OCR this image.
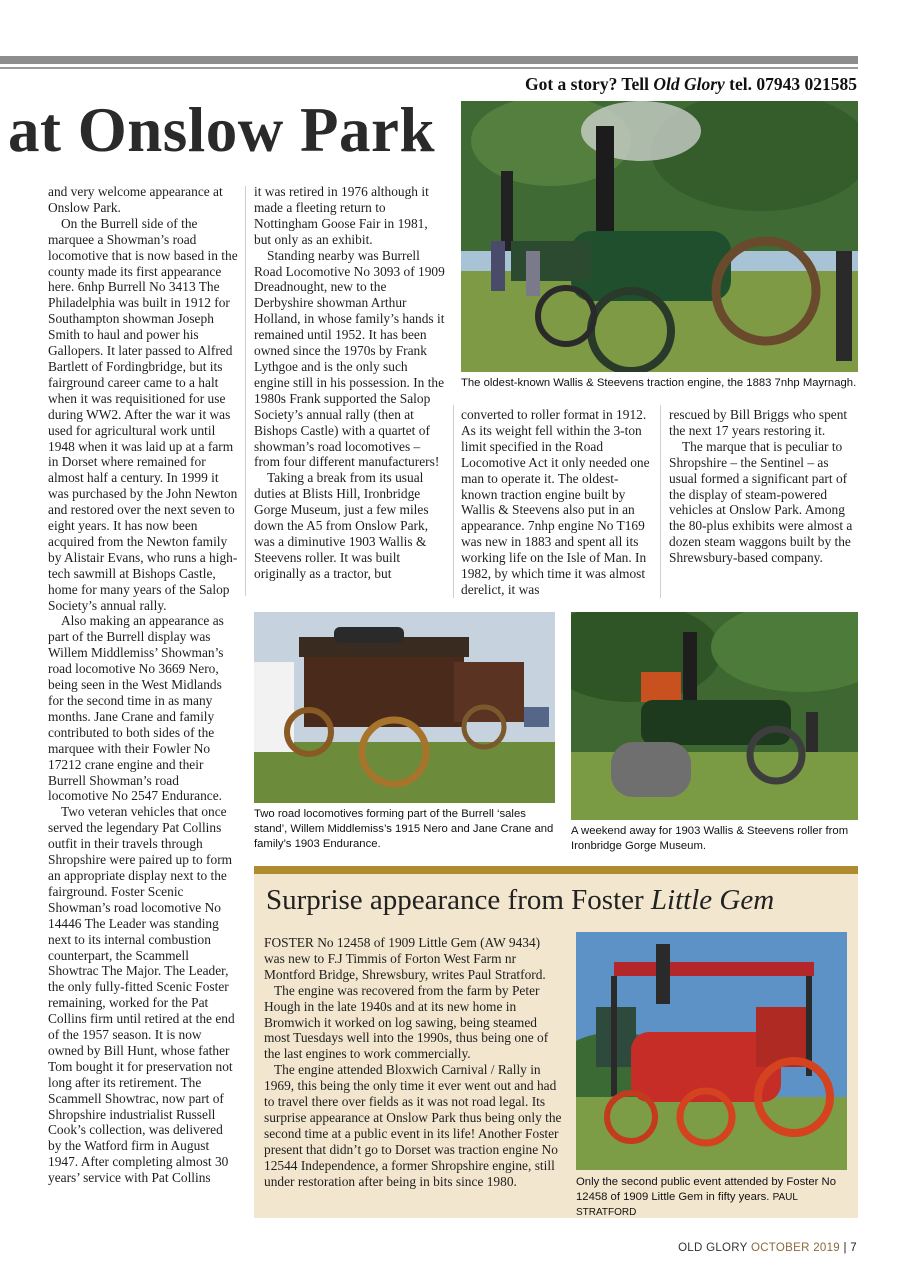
Got a story? Tell Old Glory tel. 07943 021585
at Onslow Park
The oldest-known Wallis & Steevens traction engine, the 1883 7nhp Mayrnagh.

and very welcome appearance at Onslow Park.

On the Burrell side of the marquee a Showman’s road locomotive that is now based in the county made its first appearance here. 6nhp Burrell No 3413 The Philadelphia was built in 1912 for Southampton showman Joseph Smith to haul and power his Gallopers. It later passed to Alfred Bartlett of Fordingbridge, but its fairground career came to a halt when it was requisitioned for use during WW2. After the war it was used for agricultural work until 1948 when it was laid up at a farm in Dorset where remained for almost half a century. In 1999 it was purchased by the John Newton and restored over the next seven to eight years. It has now been acquired from the Newton family by Alistair Evans, who runs a high-tech sawmill at Bishops Castle, home for many years of the Salop Society’s annual rally.

Also making an appearance as part of the Burrell display was Willem Middlemiss’ Showman’s road locomotive No 3669 Nero, being seen in the West Midlands for the second time in as many months. Jane Crane and family contributed to both sides of the marquee with their Fowler No 17212 crane engine and their Burrell Showman’s road locomotive No 2547 Endurance.

Two veteran vehicles that once served the legendary Pat Collins outfit in their travels through Shropshire were paired up to form an appropriate display next to the fairground. Foster Scenic Showman’s road locomotive No 14446 The Leader was standing next to its internal combustion counterpart, the Scammell Showtrac The Major. The Leader, the only fully-fitted Scenic Foster remaining, worked for the Pat Collins firm until retired at the end of the 1957 season. It is now owned by Bill Hunt, whose father Tom bought it for preservation not long after its retirement. The Scammell Showtrac, now part of Shropshire industrialist Russell Cook’s collection, was delivered by the Watford firm in August 1947. After completing almost 30 years’ service with Pat Collins

it was retired in 1976 although it made a fleeting return to Nottingham Goose Fair in 1981, but only as an exhibit.

Standing nearby was Burrell Road Locomotive No 3093 of 1909 Dreadnought, new to the Derbyshire showman Arthur Holland, in whose family’s hands it remained until 1952. It has been owned since the 1970s by Frank Lythgoe and is the only such engine still in his possession. In the 1980s Frank supported the Salop Society’s annual rally (then at Bishops Castle) with a quartet of showman’s road locomotives – from four different manufacturers!

Taking a break from its usual duties at Blists Hill, Ironbridge Gorge Museum, just a few miles down the A5 from Onslow Park, was a diminutive 1903 Wallis & Steevens roller. It was built originally as a tractor, but

converted to roller format in 1912. As its weight fell within the 3-ton limit specified in the Road Locomotive Act it only needed one man to operate it. The oldest-known traction engine built by Wallis & Steevens also put in an appearance. 7nhp engine No T169 was new in 1883 and spent all its working life on the Isle of Man. In 1982, by which time it was almost derelict, it was

rescued by Bill Briggs who spent the next 17 years restoring it.

The marque that is peculiar to Shropshire – the Sentinel – as usual formed a significant part of the display of steam-powered vehicles at Onslow Park. Among the 80-plus exhibits were almost a dozen steam waggons built by the Shrewsbury-based company.

Two road locomotives forming part of the Burrell ‘sales stand’, Willem Middlemiss’s 1915 Nero and Jane Crane and family’s 1903 Endurance.
A weekend away for 1903 Wallis & Steevens roller from Ironbridge Gorge Museum.
Surprise appearance from Foster Little Gem

FOSTER No 12458 of 1909 Little Gem (AW 9434) was new to F.J Timmis of Forton West Farm nr Montford Bridge, Shrewsbury, writes Paul Stratford.

The engine was recovered from the farm by Peter Hough in the late 1940s and at its new home in Bromwich it worked on log sawing, being steamed most Tuesdays well into the 1990s, thus being one of the last engines to work commercially.

The engine attended Bloxwich Carnival / Rally in 1969, this being the only time it ever went out and had to travel there over fields as it was not road legal. Its surprise appearance at Onslow Park thus being only the second time at a public event in its life! Another Foster present that didn’t go to Dorset was traction engine No 12544 Independence, a former Shropshire engine, still under restoration after being in bits since 1980.	Only the second public event attended by Foster No 12458 of 1909 Little Gem in fifty years. PAUL STRATFORD
OLD GLORY OCTOBER 2019 | 7
